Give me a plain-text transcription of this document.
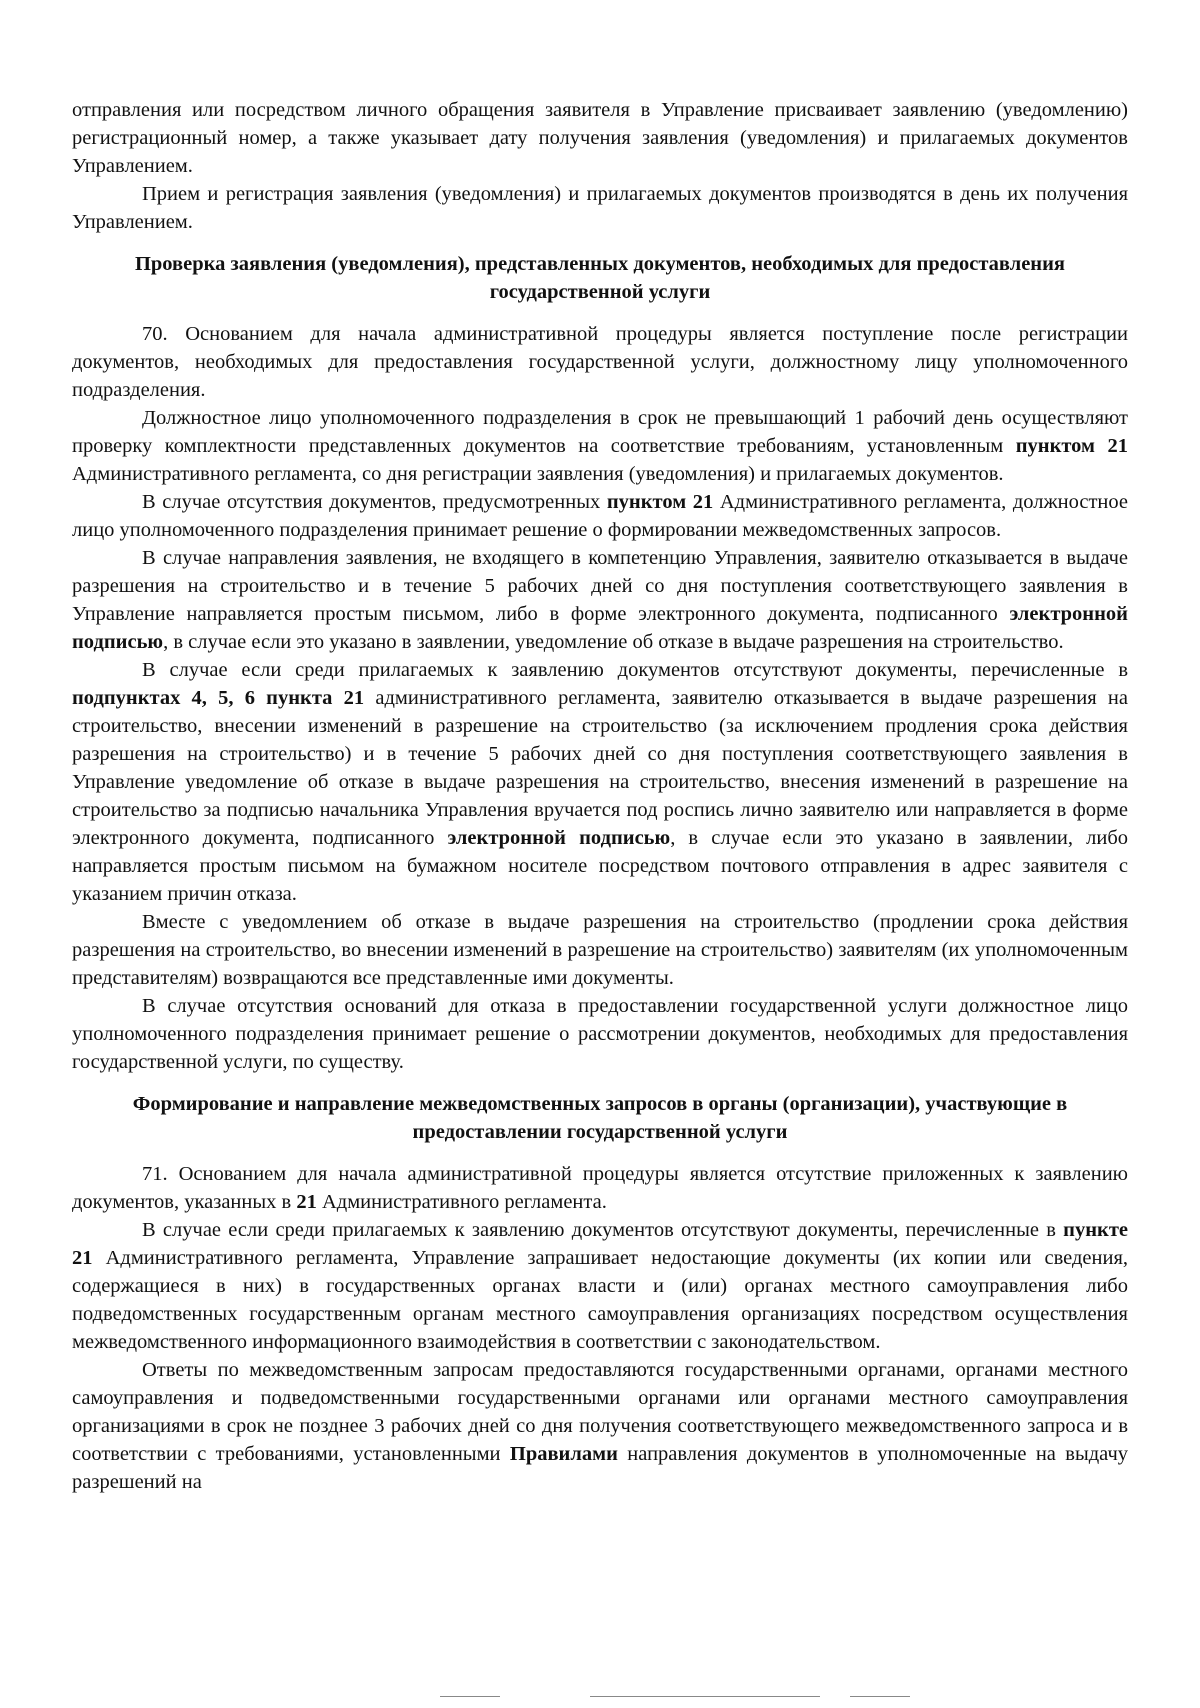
отправления или посредством личного обращения заявителя в Управление присваивает заявлению (уведомлению) регистрационный номер, а также указывает дату получения заявления (уведомления) и прилагаемых документов Управлением.

Прием и регистрация заявления (уведомления) и прилагаемых документов производятся в день их получения Управлением.

Проверка заявления (уведомления), представленных документов, необходимых для предоставления государственной услуги

70. Основанием для начала административной процедуры является поступление после регистрации документов, необходимых для предоставления государственной услуги, должностному лицу уполномоченного подразделения.

Должностное лицо уполномоченного подразделения в срок не превышающий 1 рабочий день осуществляют проверку комплектности представленных документов на соответствие требованиям, установленным пунктом 21 Административного регламента, со дня регистрации заявления (уведомления) и прилагаемых документов.

В случае отсутствия документов, предусмотренных пунктом 21 Административного регламента, должностное лицо уполномоченного подразделения принимает решение о формировании межведомственных запросов.

В случае направления заявления, не входящего в компетенцию Управления, заявителю отказывается в выдаче разрешения на строительство и в течение 5 рабочих дней со дня поступления соответствующего заявления в Управление направляется простым письмом, либо в форме электронного документа, подписанного электронной подписью, в случае если это указано в заявлении, уведомление об отказе в выдаче разрешения на строительство.

В случае если среди прилагаемых к заявлению документов отсутствуют документы, перечисленные в подпунктах 4, 5, 6 пункта 21 административного регламента, заявителю отказывается в выдаче разрешения на строительство, внесении изменений в разрешение на строительство (за исключением продления срока действия разрешения на строительство) и в течение 5 рабочих дней со дня поступления соответствующего заявления в Управление уведомление об отказе в выдаче разрешения на строительство, внесения изменений в разрешение на строительство за подписью начальника Управления вручается под роспись лично заявителю или направляется в форме электронного документа, подписанного электронной подписью, в случае если это указано в заявлении, либо направляется простым письмом на бумажном носителе посредством почтового отправления в адрес заявителя с указанием причин отказа.

Вместе с уведомлением об отказе в выдаче разрешения на строительство (продлении срока действия разрешения на строительство, во внесении изменений в разрешение на строительство) заявителям (их уполномоченным представителям) возвращаются все представленные ими документы.

В случае отсутствия оснований для отказа в предоставлении государственной услуги должностное лицо уполномоченного подразделения принимает решение о рассмотрении документов, необходимых для предоставления государственной услуги, по существу.

Формирование и направление межведомственных запросов в органы (организации), участвующие в предоставлении государственной услуги

71. Основанием для начала административной процедуры является отсутствие приложенных к заявлению документов, указанных в 21 Административного регламента.

В случае если среди прилагаемых к заявлению документов отсутствуют документы, перечисленные в пункте 21 Административного регламента, Управление запрашивает недостающие документы (их копии или сведения, содержащиеся в них) в государственных органах власти и (или) органах местного самоуправления либо подведомственных государственным органам местного самоуправления организациях посредством осуществления межведомственного информационного взаимодействия в соответствии с законодательством.

Ответы по межведомственным запросам предоставляются государственными органами, органами местного самоуправления и подведомственными государственными органами или органами местного самоуправления организациями в срок не позднее 3 рабочих дней со дня получения соответствующего межведомственного запроса и в соответствии с требованиями, установленными Правилами направления документов в уполномоченные на выдачу разрешений на
